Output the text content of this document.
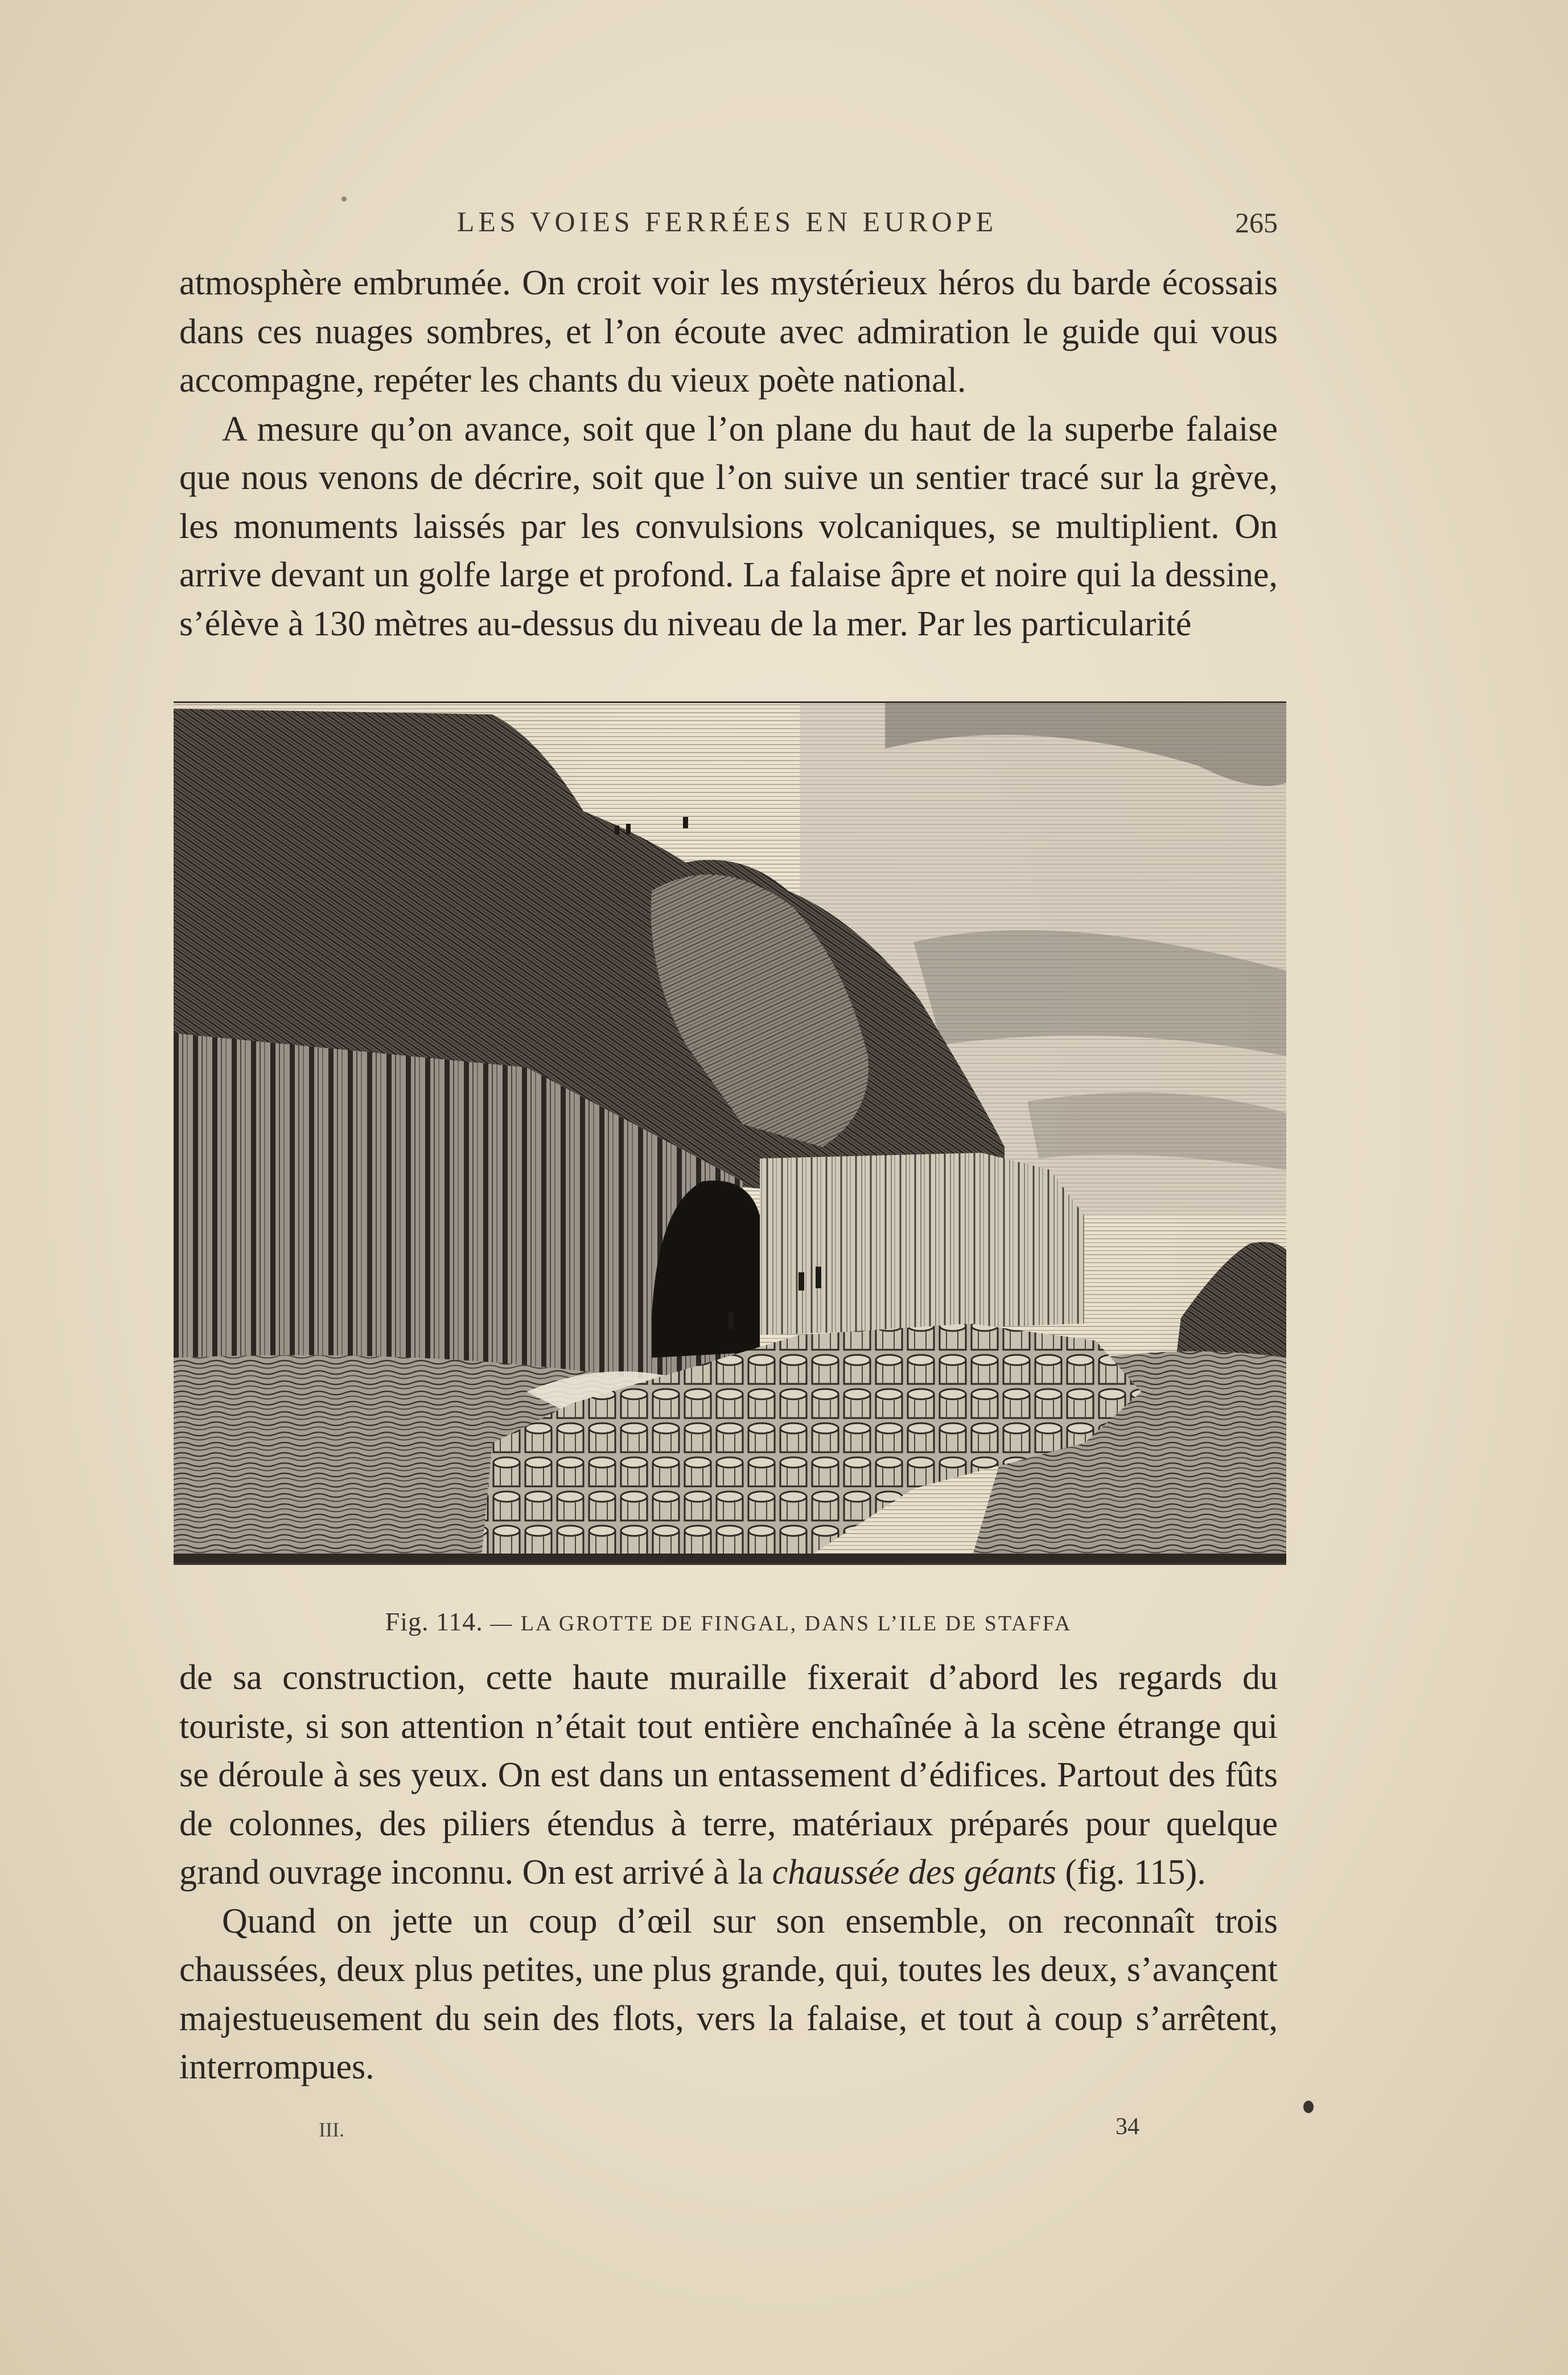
LES VOIES FERRÉES EN EUROPE	265

atmosphère embrumée. On croit voir les mystérieux héros du barde écossais dans ces nuages sombres, et l’on écoute avec admiration le guide qui vous accompagne, repéter les chants du vieux poète national.

A mesure qu’on avance, soit que l’on plane du haut de la superbe falaise que nous venons de décrire, soit que l’on suive un sentier tracé sur la grève, les monuments laissés par les convulsions volcaniques, se multiplient. On arrive devant un golfe large et profond. La falaise âpre et noire qui la dessine, s’élève à 130 mètres au-dessus du niveau de la mer. Par les particularité

Fig. 114. — LA GROTTE DE FINGAL, DANS L’ILE DE STAFFA

de sa construction, cette haute muraille fixerait d’abord les regards du touriste, si son attention n’était tout entière enchaînée à la scène étrange qui se déroule à ses yeux. On est dans un entassement d’édifices. Partout des fûts de colonnes, des piliers étendus à terre, matériaux préparés pour quelque grand ouvrage inconnu. On est arrivé à la chaussée des géants (fig. 115).

Quand on jette un coup d’œil sur son ensemble, on reconnaît trois chaussées, deux plus petites, une plus grande, qui, toutes les deux, s’avançent majestueusement du sein des flots, vers la falaise, et tout à coup s’arrêtent, interrompues.

III.	34
